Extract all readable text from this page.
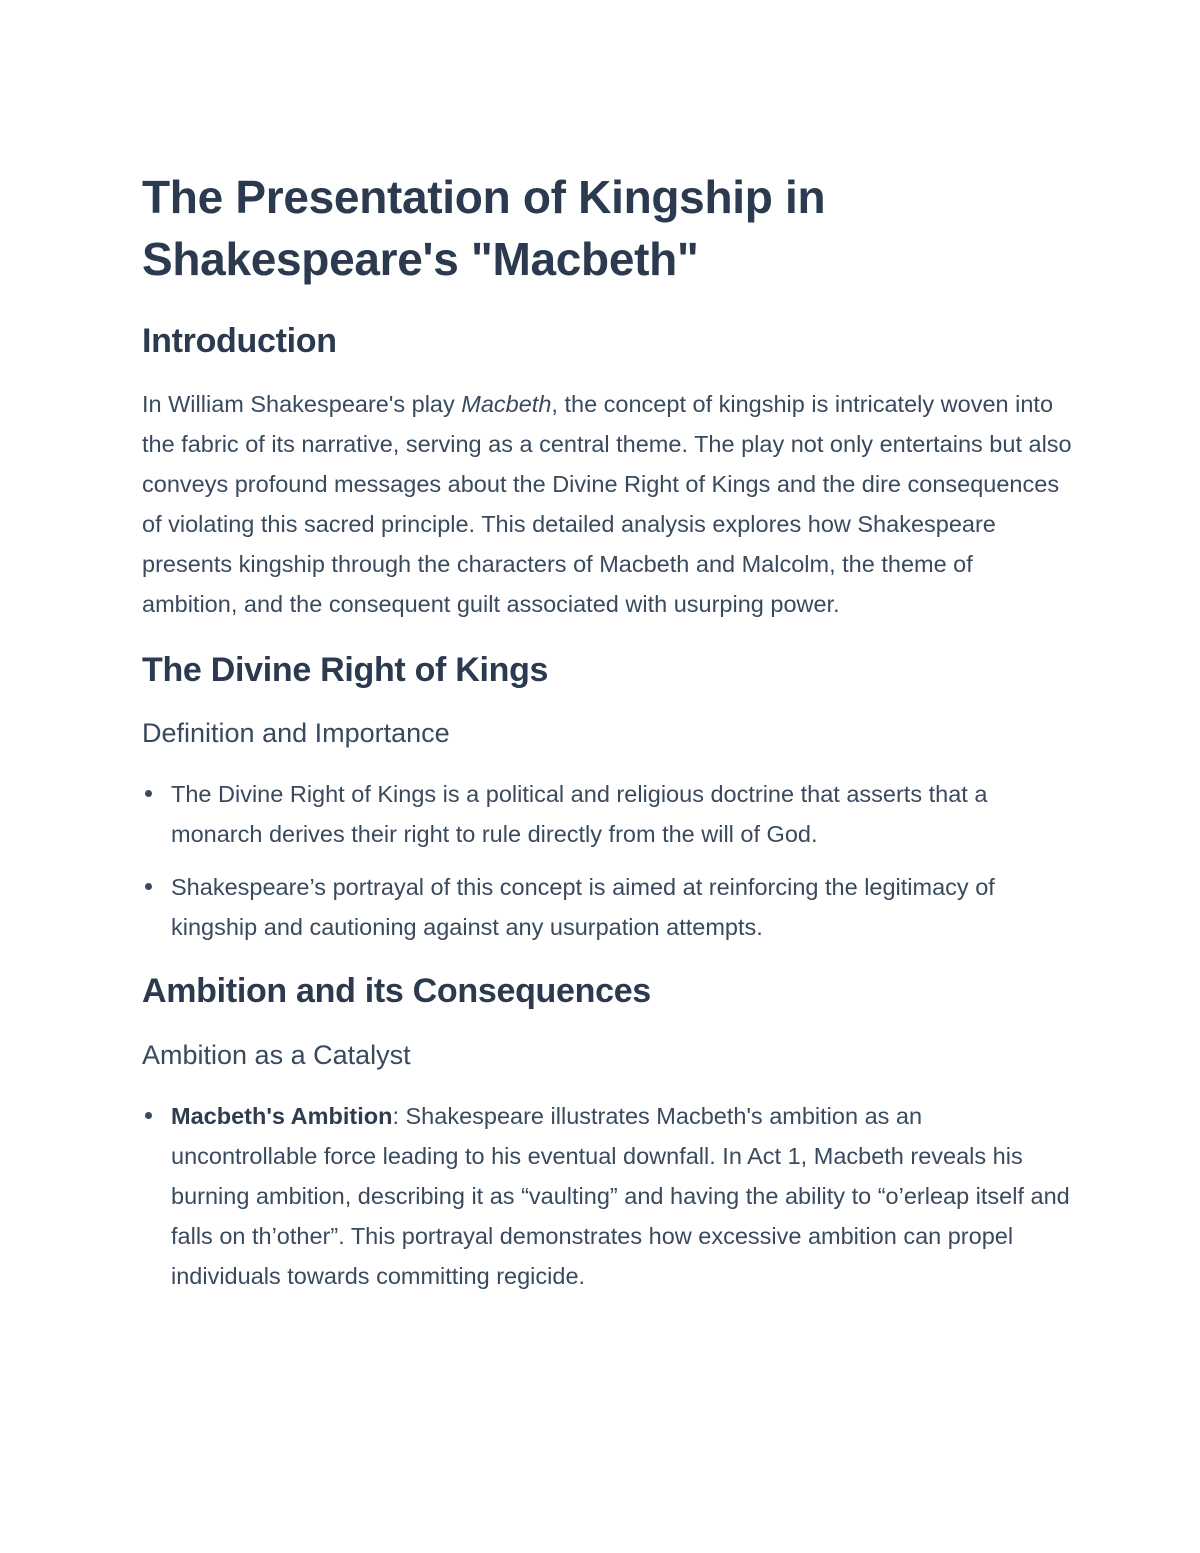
The Presentation of Kingship in Shakespeare's "Macbeth"
Introduction

In William Shakespeare's play Macbeth, the concept of kingship is intricately woven into the fabric of its narrative, serving as a central theme. The play not only entertains but also conveys profound messages about the Divine Right of Kings and the dire consequences of violating this sacred principle. This detailed analysis explores how Shakespeare presents kingship through the characters of Macbeth and Malcolm, the theme of ambition, and the consequent guilt associated with usurping power.

The Divine Right of Kings
Definition and Importance
The Divine Right of Kings is a political and religious doctrine that asserts that a monarch derives their right to rule directly from the will of God.
Shakespeare’s portrayal of this concept is aimed at reinforcing the legitimacy of kingship and cautioning against any usurpation attempts.
Ambition and its Consequences
Ambition as a Catalyst
Macbeth's Ambition: Shakespeare illustrates Macbeth's ambition as an uncontrollable force leading to his eventual downfall. In Act 1, Macbeth reveals his burning ambition, describing it as “vaulting” and having the ability to “o’erleap itself and falls on th’other”. This portrayal demonstrates how excessive ambition can propel individuals towards committing regicide.
